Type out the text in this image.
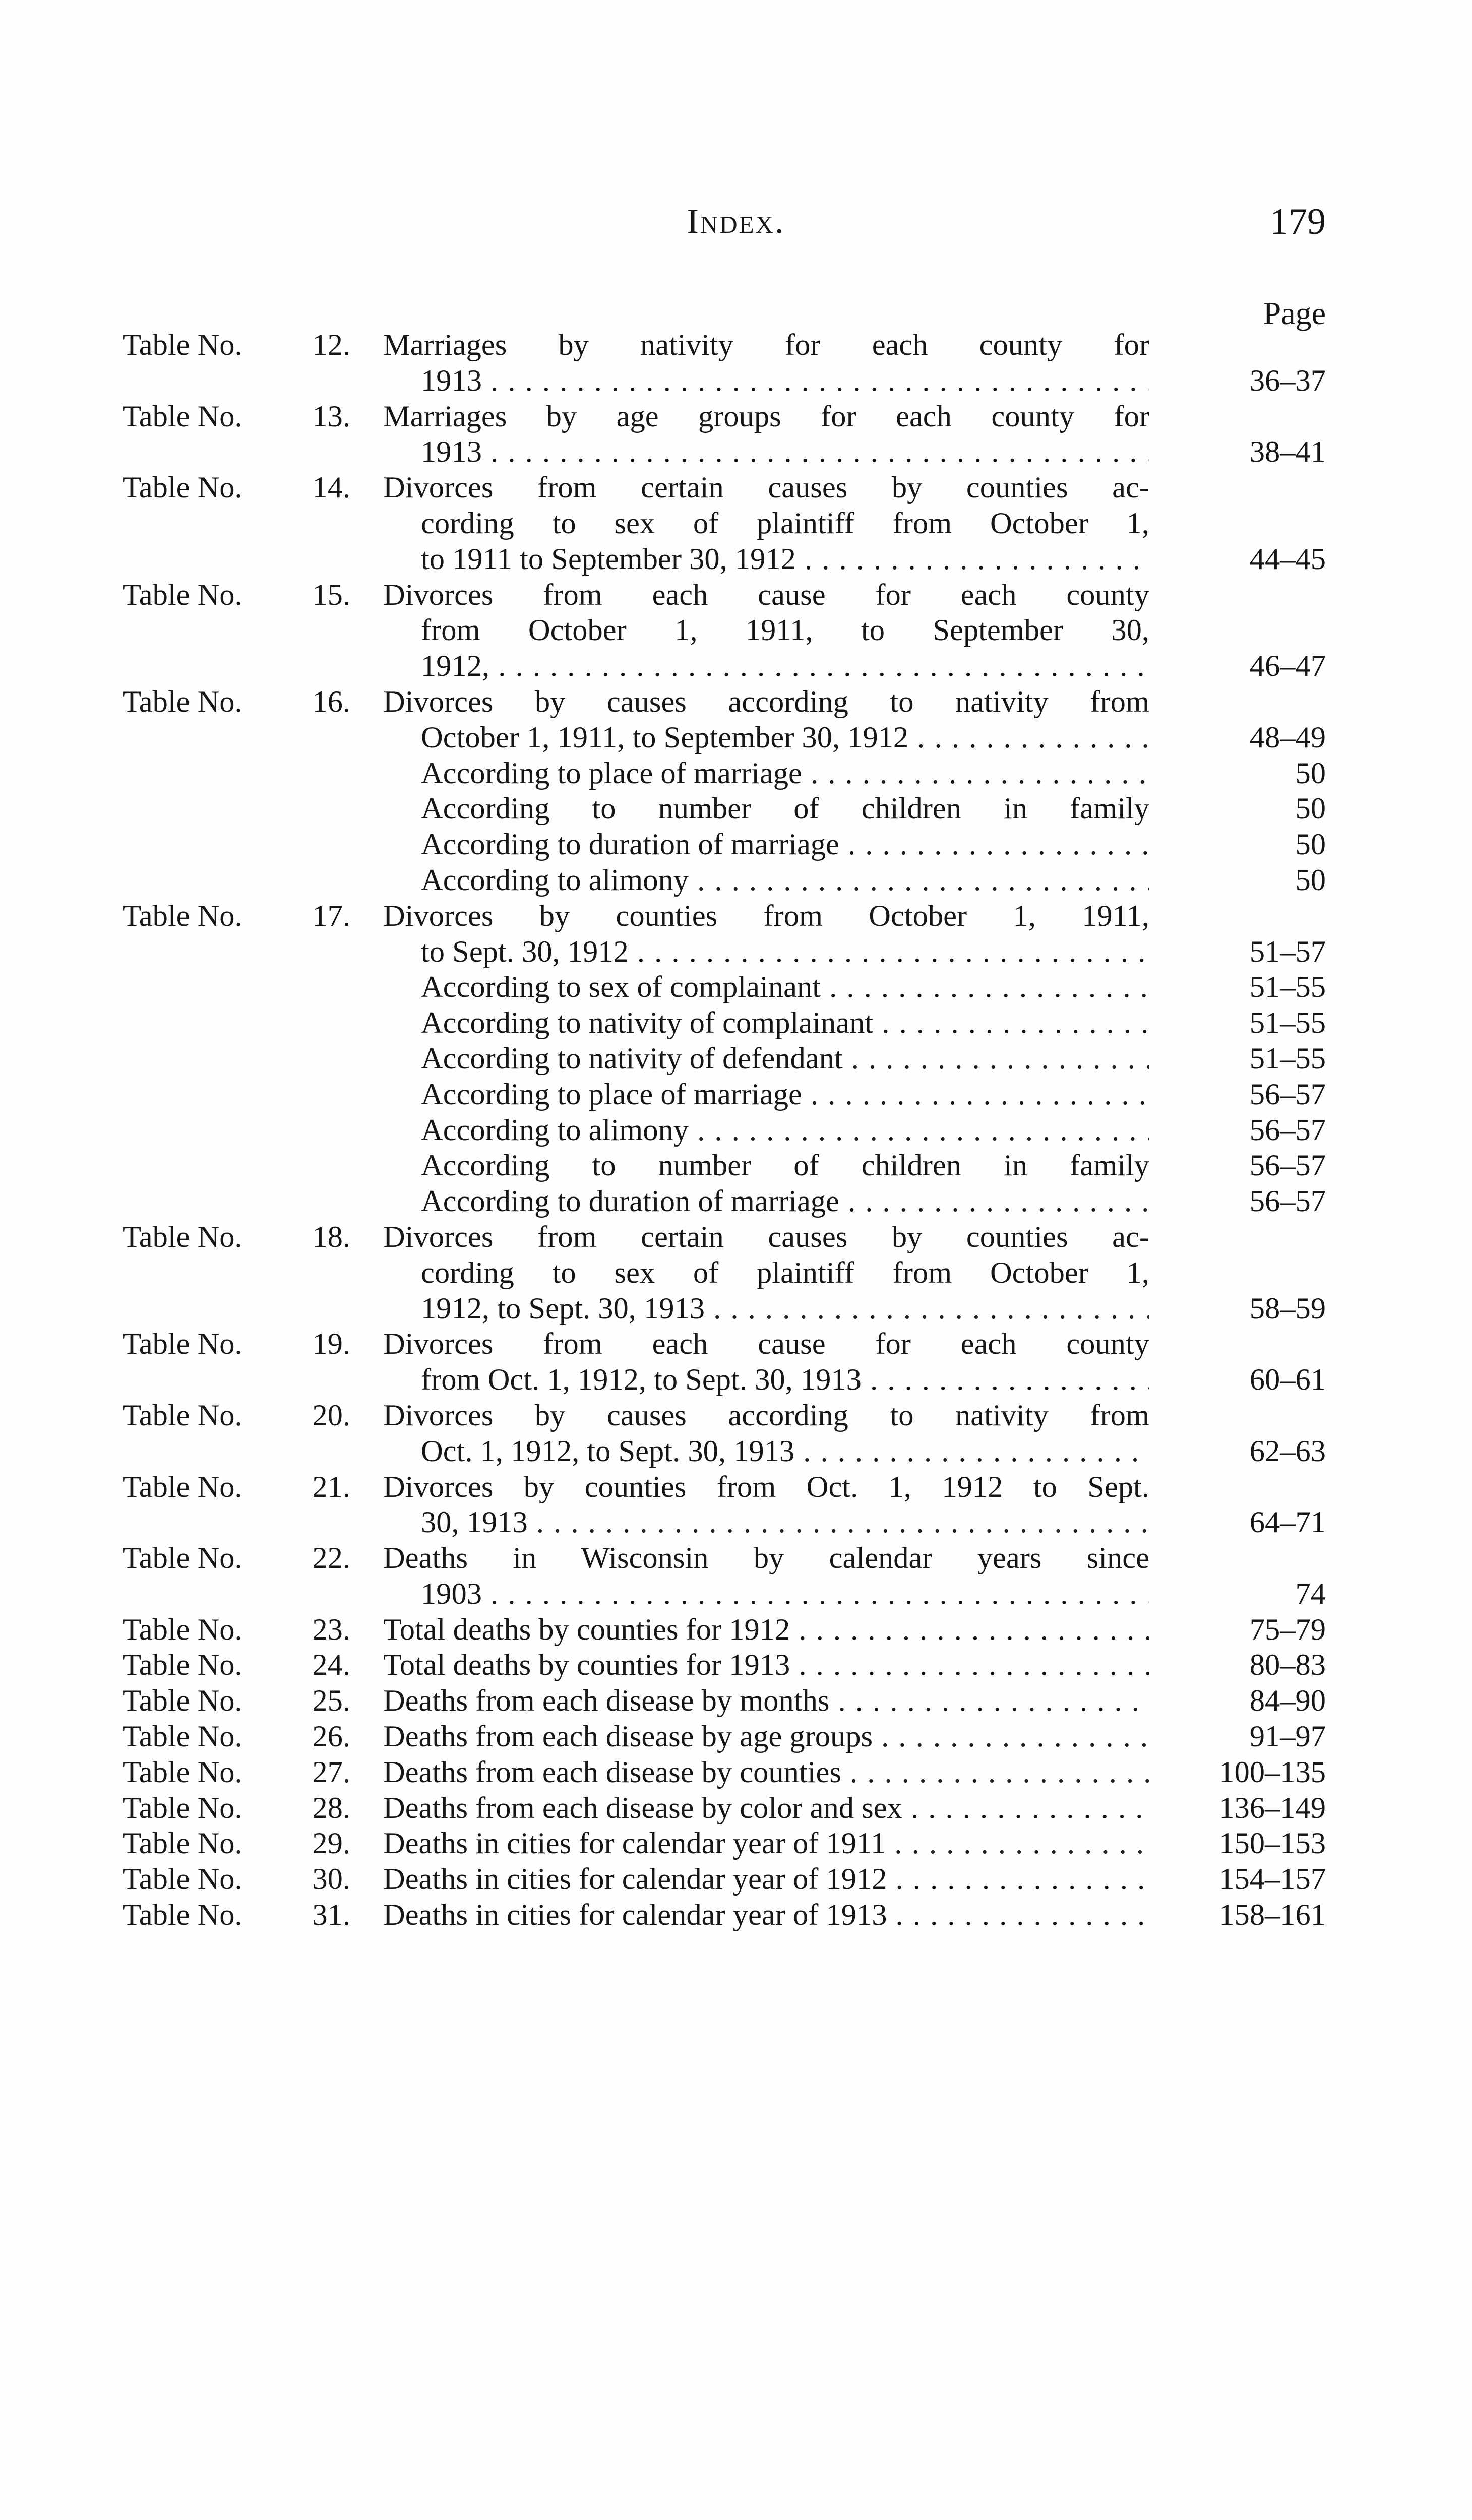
Index.	179
Page
Table No. 12. Marriages by nativity for each county for
1913 . . .	36–37
Table No. 13. Marriages by age groups for each county for
1913 . . .	38–41
Table No. 14. Divorces from certain causes by counties ac-
cording to sex of plaintiff from October 1,
to 1911 to September 30, 1912 . . .	44–45
Table No. 15. Divorces from each cause for each county
from October 1, 1911, to September 30,
1912, . . .	46–47
Table No. 16. Divorces by causes according to nativity from
October 1, 1911, to September 30, 1912 . . .	48–49
According to place of marriage . . .	50
According to number of children in family	50
According to duration of marriage . . .	50
According to alimony . . .	50
Table No. 17. Divorces by counties from October 1, 1911,
to Sept. 30, 1912 . . .	51–57
According to sex of complainant . . .	51–55
According to nativity of complainant . . .	51–55
According to nativity of defendant . . .	51–55
According to place of marriage . . .	56–57
According to alimony . . .	56–57
According to number of children in family	56–57
According to duration of marriage . . .	56–57
Table No. 18. Divorces from certain causes by counties ac-
cording to sex of plaintiff from October 1,
1912, to Sept. 30, 1913 . . .	58–59
Table No. 19. Divorces from each cause for each county
from Oct. 1, 1912, to Sept. 30, 1913 . . .	60–61
Table No. 20. Divorces by causes according to nativity from
Oct. 1, 1912, to Sept. 30, 1913 . . .	62–63
Table No. 21. Divorces by counties from Oct. 1, 1912 to Sept.
30, 1913 . . .	64–71
Table No. 22. Deaths in Wisconsin by calendar years since
1903 . . .	74
Table No. 23. Total deaths by counties for 1912 . . .	75–79
Table No. 24. Total deaths by counties for 1913 . . .	80–83
Table No. 25. Deaths from each disease by months . . .	84–90
Table No. 26. Deaths from each disease by age groups . . .	91–97
Table No. 27. Deaths from each disease by counties . . .	100–135
Table No. 28. Deaths from each disease by color and sex . . .	136–149
Table No. 29. Deaths in cities for calendar year of 1911 . . .	150–153
Table No. 30. Deaths in cities for calendar year of 1912 . . .	154–157
Table No. 31. Deaths in cities for calendar year of 1913 . . .	158–161
